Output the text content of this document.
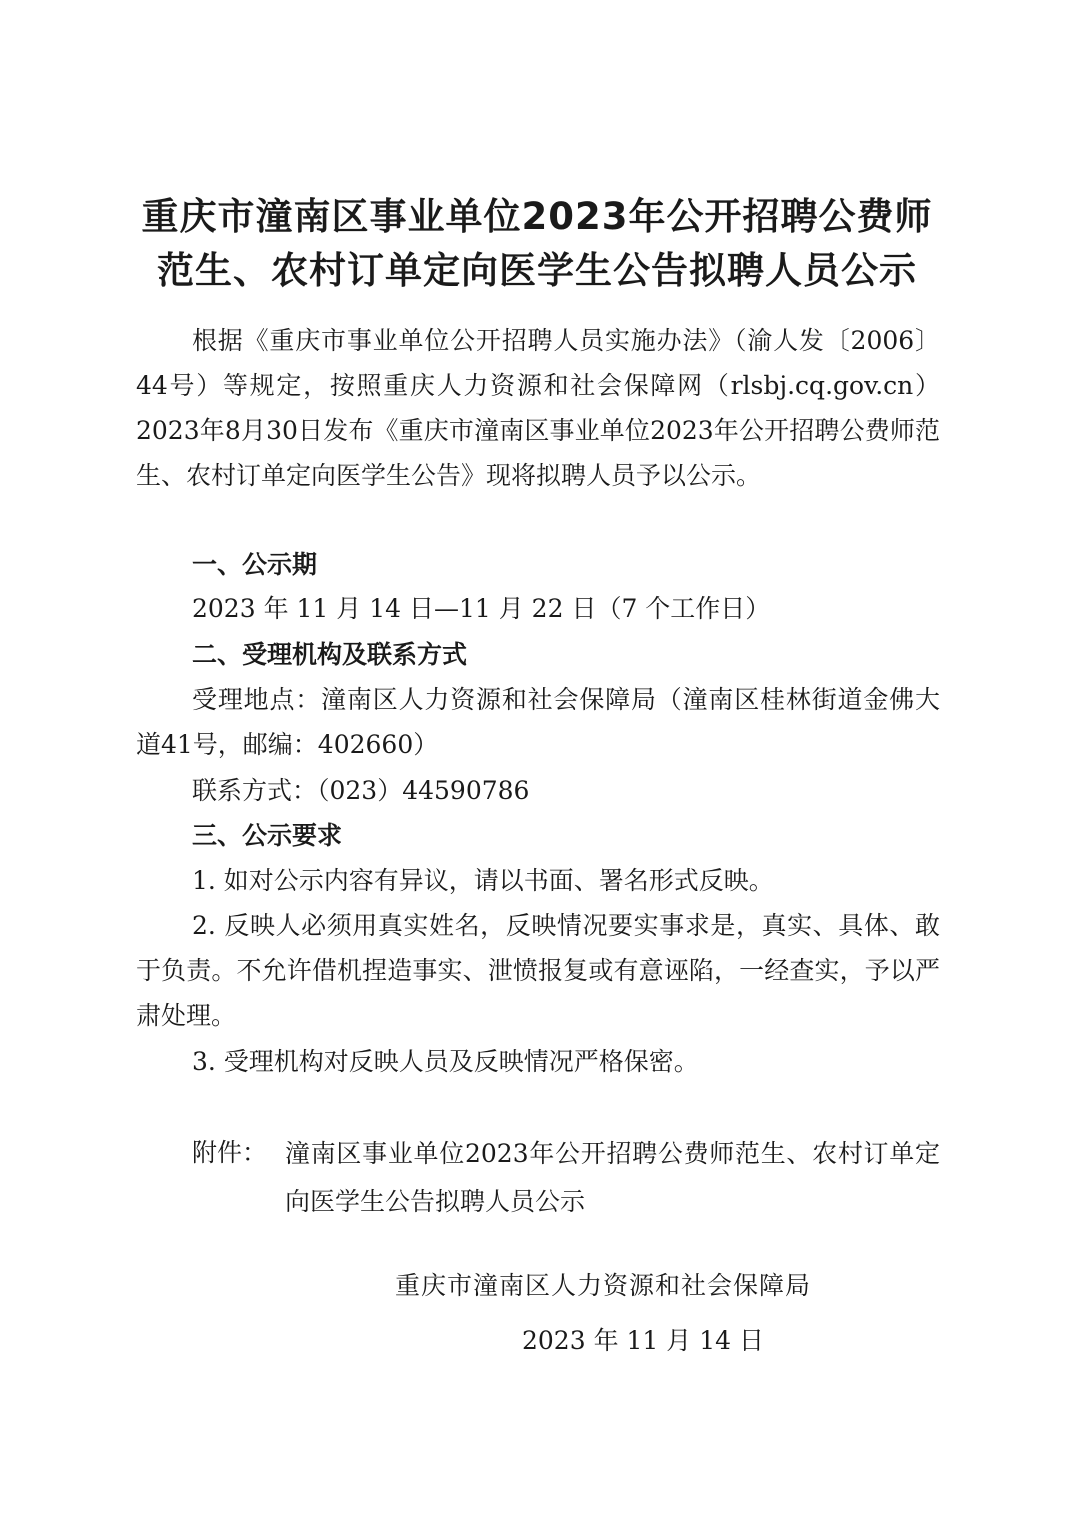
重庆市潼南区事业单位2023年公开招聘公费师
范生、农村订单定向医学生公告拟聘人员公示

根据《重庆市事业单位公开招聘人员实施办法》（渝人发〔2006〕44号）等规定，按照重庆人力资源和社会保障网（rlsbj.cq.gov.cn）2023年8月30日发布《重庆市潼南区事业单位2023年公开招聘公费师范生、农村订单定向医学生公告》现将拟聘人员予以公示。

一、公示期
2023 年 11 月 14 日—11 月 22 日（7 个工作日）
二、受理机构及联系方式

受理地点：潼南区人力资源和社会保障局（潼南区桂林街道金佛大道41号，邮编：402660）

联系方式：（023）44590786
三、公示要求
1. 如对公示内容有异议，请以书面、署名形式反映。

2. 反映人必须用真实姓名，反映情况要实事求是，真实、具体、敢于负责。不允许借机捏造事实、泄愤报复或有意诬陷，一经查实，予以严肃处理。

3. 受理机构对反映人员及反映情况严格保密。
附件： 潼南区事业单位2023年公开招聘公费师范生、农村订单定向医学生公告拟聘人员公示
重庆市潼南区人力资源和社会保障局
2023 年 11 月 14 日
